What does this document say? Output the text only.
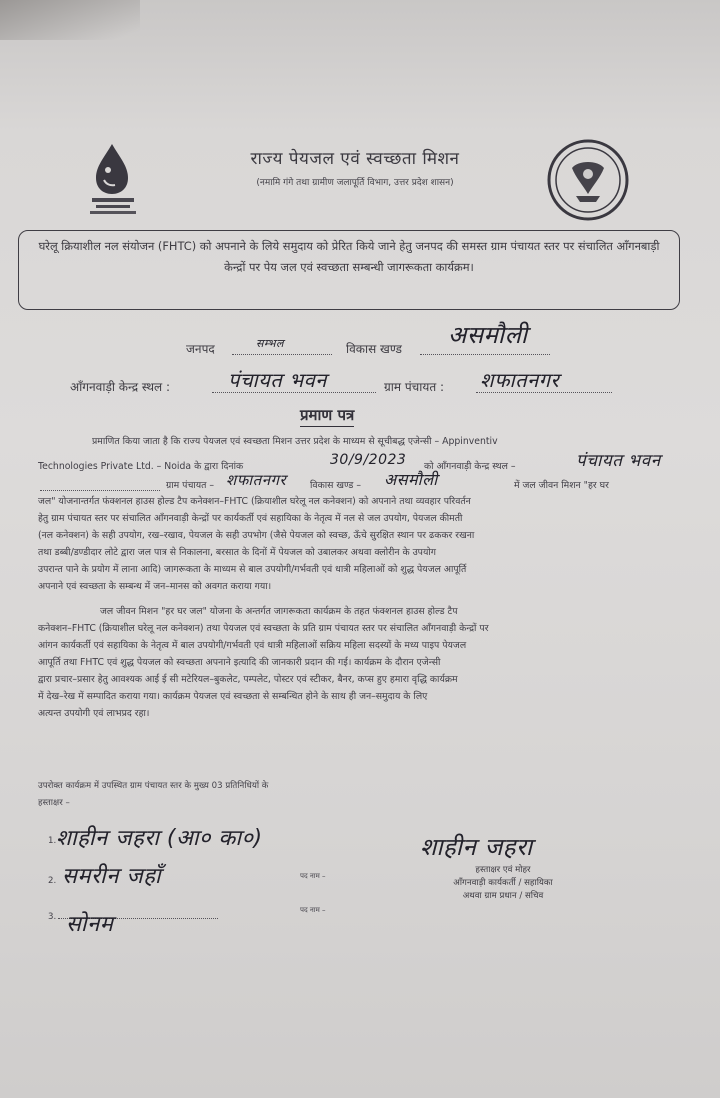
राज्य पेयजल एवं स्वच्छता मिशन
(नमामि गंगे तथा ग्रामीण जलापूर्ति विभाग, उत्तर प्रदेश शासन)
घरेलू क्रियाशील नल संयोजन (FHTC) को अपनाने के लिये समुदाय को प्रेरित किये जाने हेतु जनपद की समस्त ग्राम पंचायत स्तर पर संचालित आँगनबाड़ी केन्द्रों पर पेय जल एवं स्वच्छता सम्बन्धी जागरूकता कार्यक्रम।
जनपद	सम्भल	विकास खण्ड असमौली
आँगनवाड़ी केन्द्र स्थल :	पंचायत भवन	ग्राम पंचायत : शफातनगर
प्रमाण पत्र
प्रमाणित किया जाता है कि राज्य पेयजल एवं स्वच्छता मिशन उत्तर प्रदेश के माध्यम से सूचीबद्ध एजेन्सी – Appinventiv
Technologies Private Ltd. – Noida के द्वारा दिनांक	30/9/2023 को आँगनवाड़ी केन्द्र स्थल –	पंचायत भवन
ग्राम पंचायत – शफातनगर	विकास खण्ड –	असमौली	में जल जीवन मिशन "हर घर
जल" योजनान्तर्गत फंक्शनल हाउस होल्ड टैप कनेक्शन–FHTC (क्रियाशील घरेलू नल कनेक्शन) को अपनाने तथा व्यवहार परिवर्तन
हेतु ग्राम पंचायत स्तर पर संचालित आँगनवाड़ी केन्द्रों पर कार्यकर्ती एवं सहायिका के नेतृत्व में नल से जल उपयोग, पेयजल कीमती
(नल कनेक्शन) के सही उपयोग, रख–रखाव, पेयजल के सही उपभोग (जैसे पेयजल को स्वच्छ, ऊँचे सुरक्षित स्थान पर ढककर रखना
तथा डब्बी/डण्डीदार लोटे द्वारा जल पात्र से निकालना, बरसात के दिनों में पेयजल को उबालकर अथवा क्लोरीन के उपयोग
उपरान्त पाने के प्रयोग में लाना आदि) जागरूकता के माध्यम से बाल उपयोगी/गर्भवती एवं धात्री महिलाओं को शुद्ध पेयजल आपूर्ति
अपनाने एवं स्वच्छता के सम्बन्ध में जन–मानस को अवगत कराया गया।
जल जीवन मिशन "हर घर जल" योजना के अन्तर्गत जागरूकता कार्यक्रम के तहत फंक्शनल हाउस होल्ड टैप
कनेक्शन–FHTC (क्रियाशील घरेलू नल कनेक्शन) तथा पेयजल एवं स्वच्छता के प्रति ग्राम पंचायत स्तर पर संचालित आँगनवाड़ी केन्द्रों पर
आंगन कार्यकर्ती एवं सहायिका के नेतृत्व में बाल उपयोगी/गर्भवती एवं धात्री महिलाओं सक्रिय महिला सदस्यों के मध्य पाइप पेयजल
आपूर्ति तथा FHTC एवं शुद्ध पेयजल को स्वच्छता अपनाने इत्यादि की जानकारी प्रदान की गई। कार्यक्रम के दौरान एजेन्सी
द्वारा प्रचार–प्रसार हेतु आवश्यक आई ई सी मटेरियल–बुकलेट, पम्पलेट, पोस्टर एवं स्टीकर, बैनर, कप्स हुए हमारा वृद्धि कार्यक्रम
में देख–रेख में सम्पादित कराया गया। कार्यक्रम पेयजल एवं स्वच्छता से सम्बन्धित होने के साथ ही जन–समुदाय के लिए
अत्यन्त उपयोगी एवं लाभप्रद रहा।
उपरोक्त कार्यक्रम में उपस्थित ग्राम पंचायत स्तर के मुख्य 03 प्रतिनिधियों के
हस्ताक्षर –
1. शाहीन जहरा (आ० का०)
2. समरीन जहाँ	पद नाम –
3. सोनम
पद नाम –
शाहीन जहरा
हस्ताक्षर एवं मोहर
आँगनवाड़ी कार्यकर्ती / सहायिका
अथवा ग्राम प्रधान / सचिव
